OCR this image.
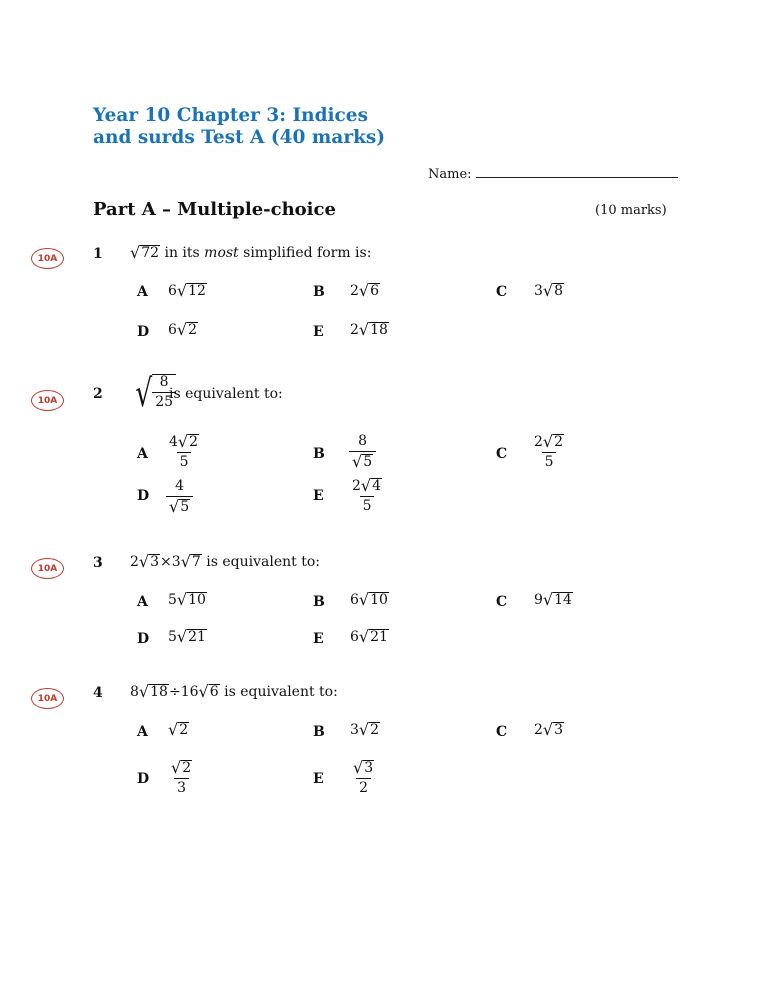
Year 10 Chapter 3: Indices
and surds Test A (40 marks)
Name:
Part A – Multiple-choice	(10 marks)
10A	1 √ 72 in its most simplified form is:
A 6 √ 12	B 2 √ 6	C 3 √ 8
D 6 √ 2	E 2 √ 18
10A	2 √ $\frac{8}{25}$
is equivalent to:
A $\frac{4 √ 2}{5}$	B $\frac{8}{√ 5}$	C $\frac{2 √ 2}{5}$
D $\frac{4}{√ 5}$	E $\frac{2 √ 4}{5}$
10A	3 2 √ 3 ×3 √ 7 is equivalent to:
A 5 √ 10	B 6 √ 10	C 9 √ 14
D 5 √ 21	E 6 √ 21
10A	4 8 √ 18 ÷16 √ 6 is equivalent to:
A √ 2	B 3 √ 2	C 2 √ 3
D $\frac{√ 2}{3}$	E $\frac{√ 3}{2}$
